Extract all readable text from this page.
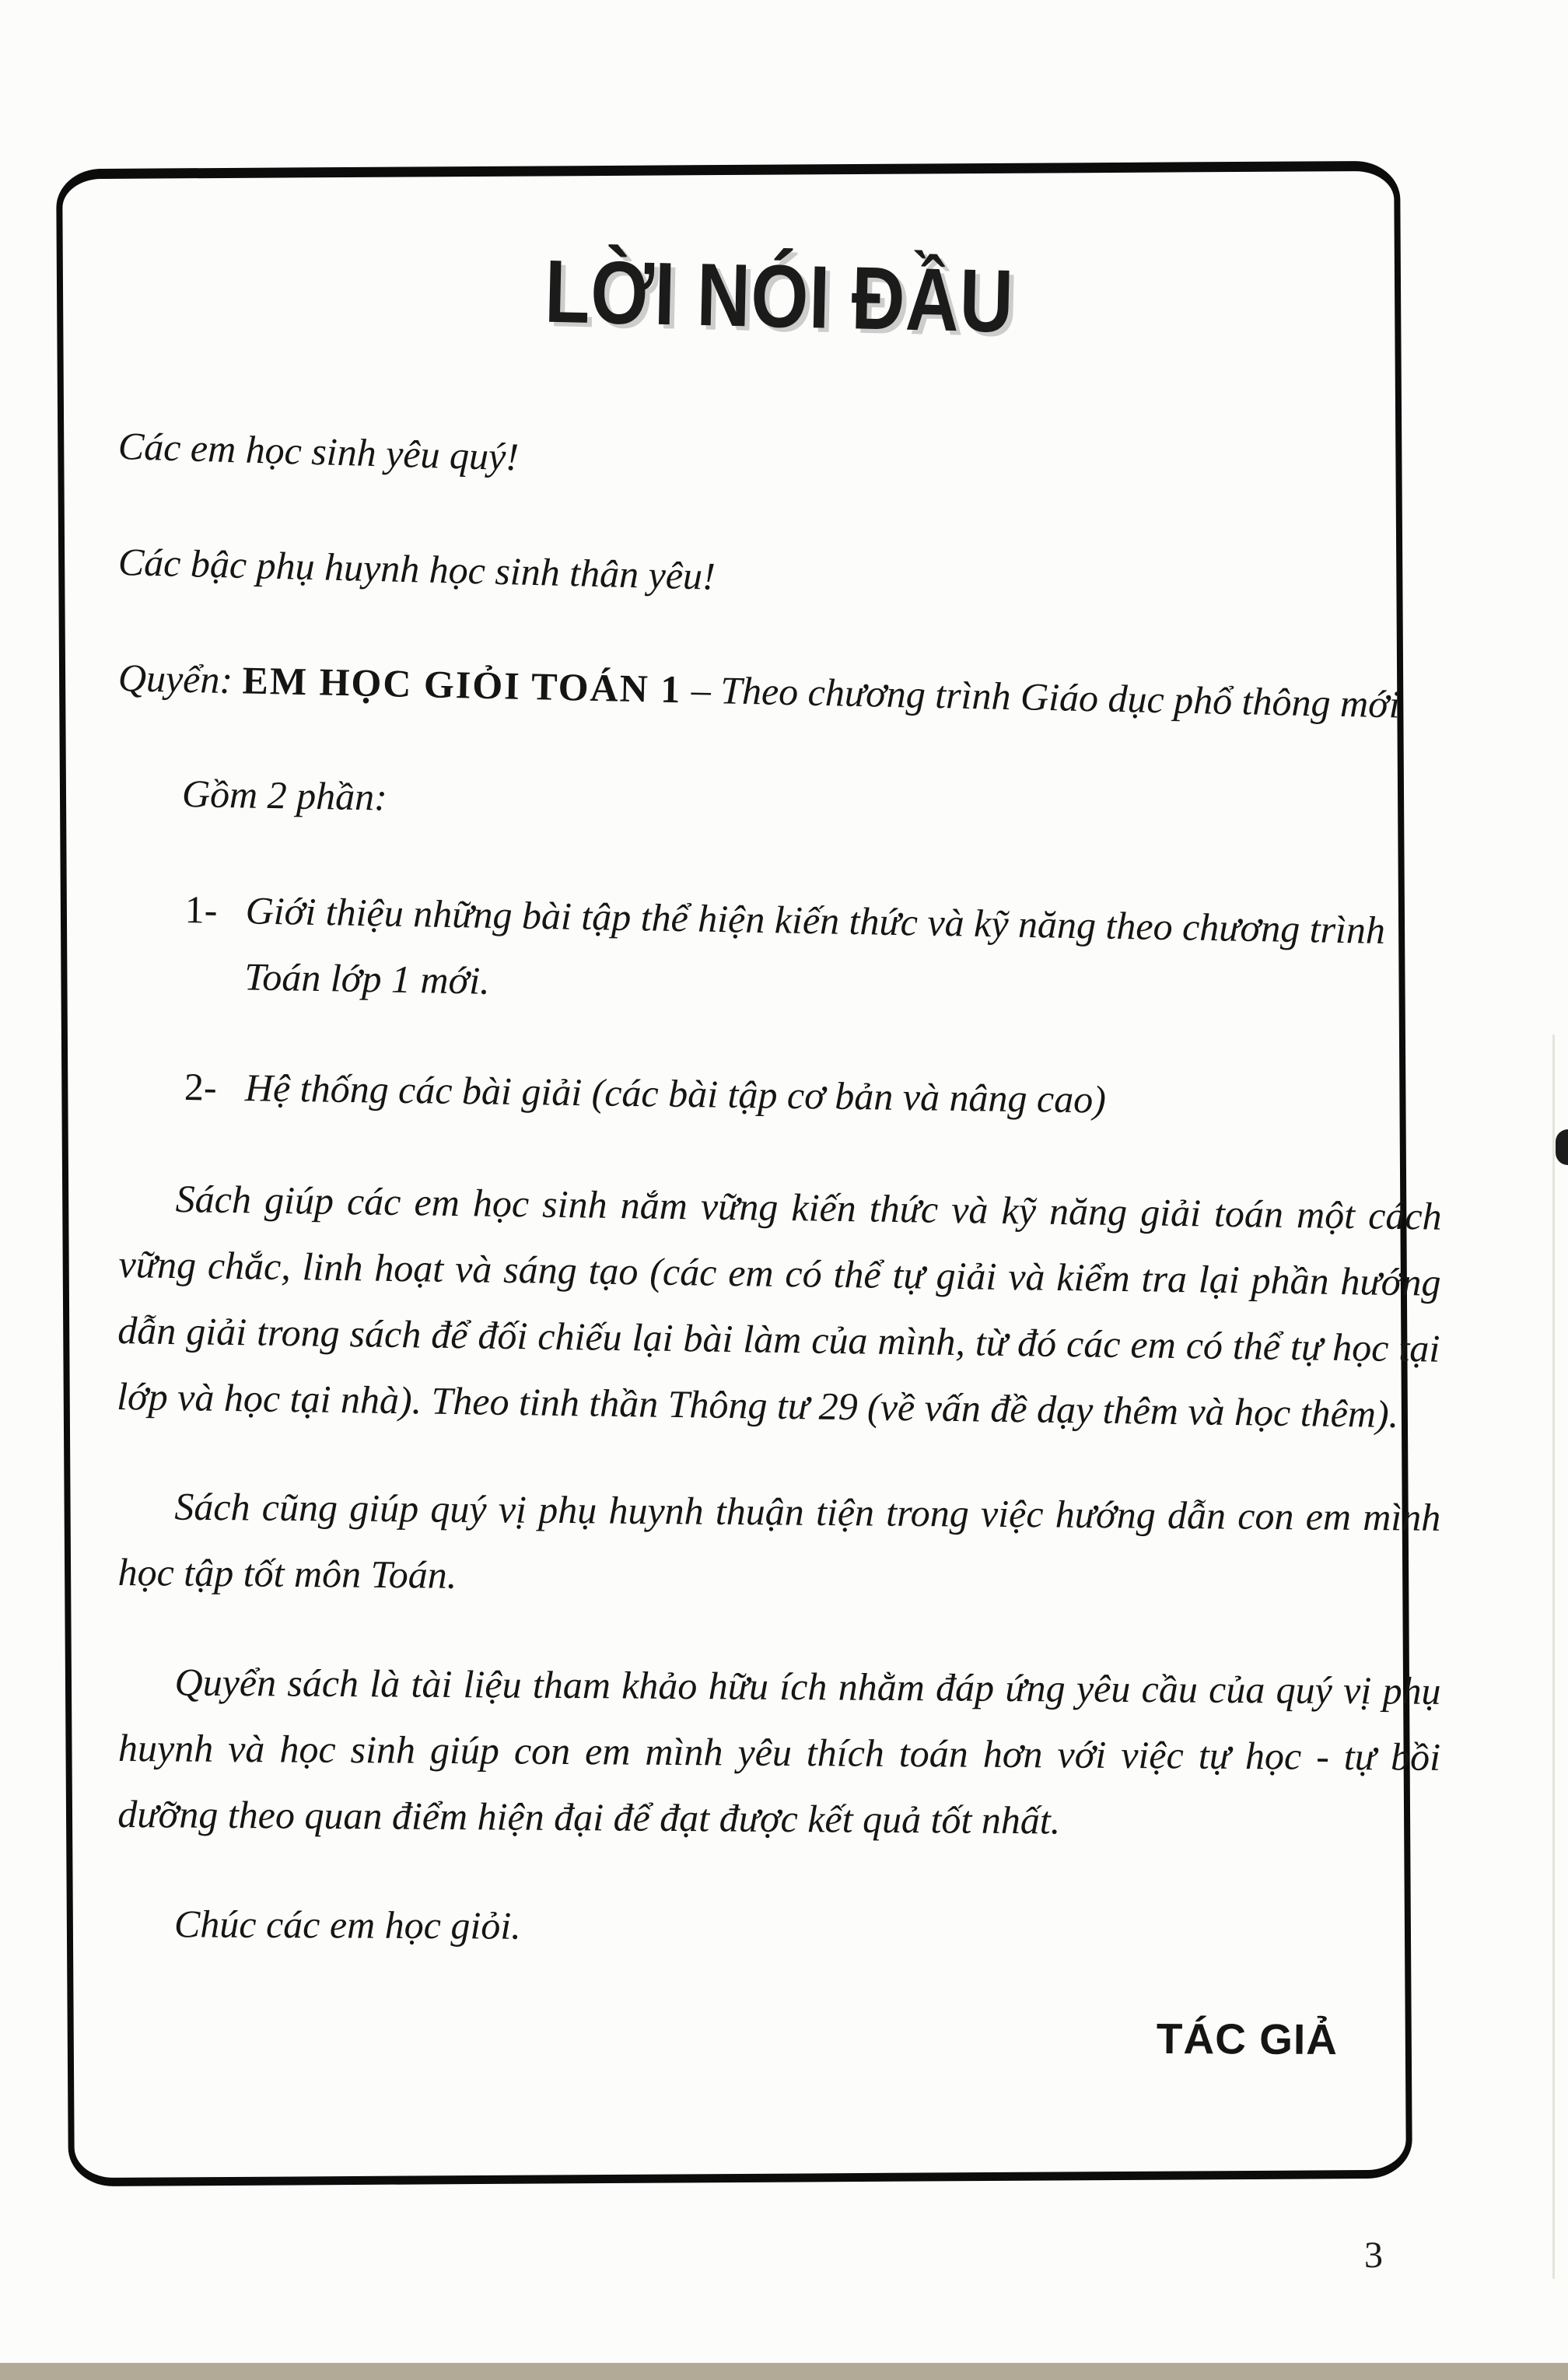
LỜI NÓI ĐẦU

Các em học sinh yêu quý!

Các bậc phụ huynh học sinh thân yêu!

Quyển: EM HỌC GIỎI TOÁN 1 – Theo chương trình Giáo dục phổ thông mới

Gồm 2 phần:

1- Giới thiệu những bài tập thể hiện kiến thức và kỹ năng theo chương trình Toán lớp 1 mới.
2- Hệ thống các bài giải (các bài tập cơ bản và nâng cao)

Sách giúp các em học sinh nắm vững kiến thức và kỹ năng giải toán một cách vững chắc, linh hoạt và sáng tạo (các em có thể tự giải và kiểm tra lại phần hướng dẫn giải trong sách để đối chiếu lại bài làm của mình, từ đó các em có thể tự học tại lớp và học tại nhà). Theo tinh thần Thông tư 29 (về vấn đề dạy thêm và học thêm).

Sách cũng giúp quý vị phụ huynh thuận tiện trong việc hướng dẫn con em mình học tập tốt môn Toán.

Quyển sách là tài liệu tham khảo hữu ích nhằm đáp ứng yêu cầu của quý vị phụ huynh và học sinh giúp con em mình yêu thích toán hơn với việc tự học - tự bồi dưỡng theo quan điểm hiện đại để đạt được kết quả tốt nhất.

Chúc các em học giỏi.

TÁC GIẢ
3
